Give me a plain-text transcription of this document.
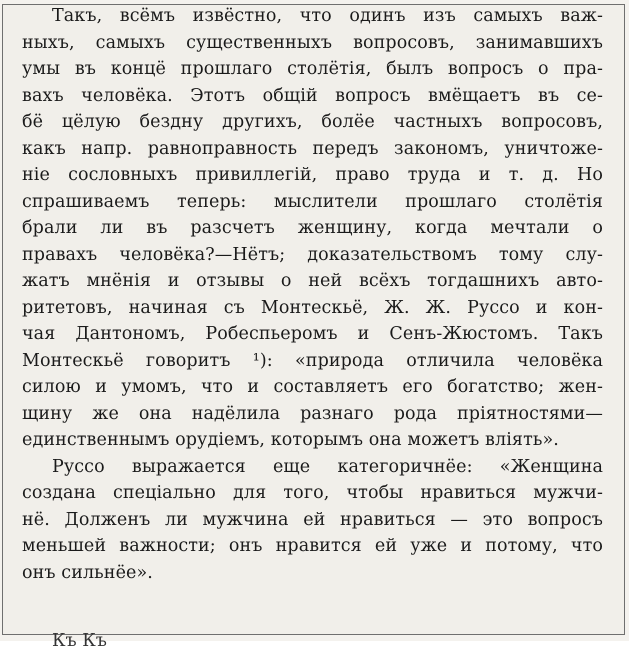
Такъ, всёмъ извёстно, что одинъ изъ самыхъ важ-
ныхъ, самыхъ существенныхъ вопросовъ, занимавшихъ
умы въ концё прошлаго столётія, былъ вопросъ о пра-
вахъ человёка. Этотъ общій вопросъ вмёщаетъ въ се-
бё цёлую бездну другихъ, болёе частныхъ вопросовъ,
какъ напр. равноправность передъ закономъ, уничтоже-
ніе сословныхъ привиллегій, право труда и т. д. Но
спрашиваемъ теперь: мыслители прошлаго столётія
брали ли въ разсчетъ женщину, когда мечтали о
правахъ человёка?—Нётъ; доказательствомъ тому слу-
жатъ мнёнія и отзывы о ней всёхъ тогдашнихъ авто-
ритетовъ, начиная съ Монтескьё, Ж. Ж. Руссо и кон-
чая Дантономъ, Робеспьеромъ и Сенъ-Жюстомъ. Такъ
Монтескьё говоритъ ¹): «природа отличила человёка
силою и умомъ, что и составляетъ его богатство; жен-
щину же она надёлила разнаго рода пріятностями—
единственнымъ орудіемъ, которымъ она можетъ вліять».
Руссо выражается еще категоричнёе: «Женщина
создана спеціально для того, чтобы нравиться мужчи-
нё. Долженъ ли мужчина ей нравиться — это вопросъ
меньшей важности; онъ нравится ей уже и потому, что
онъ сильнёе».
Къ Къ
